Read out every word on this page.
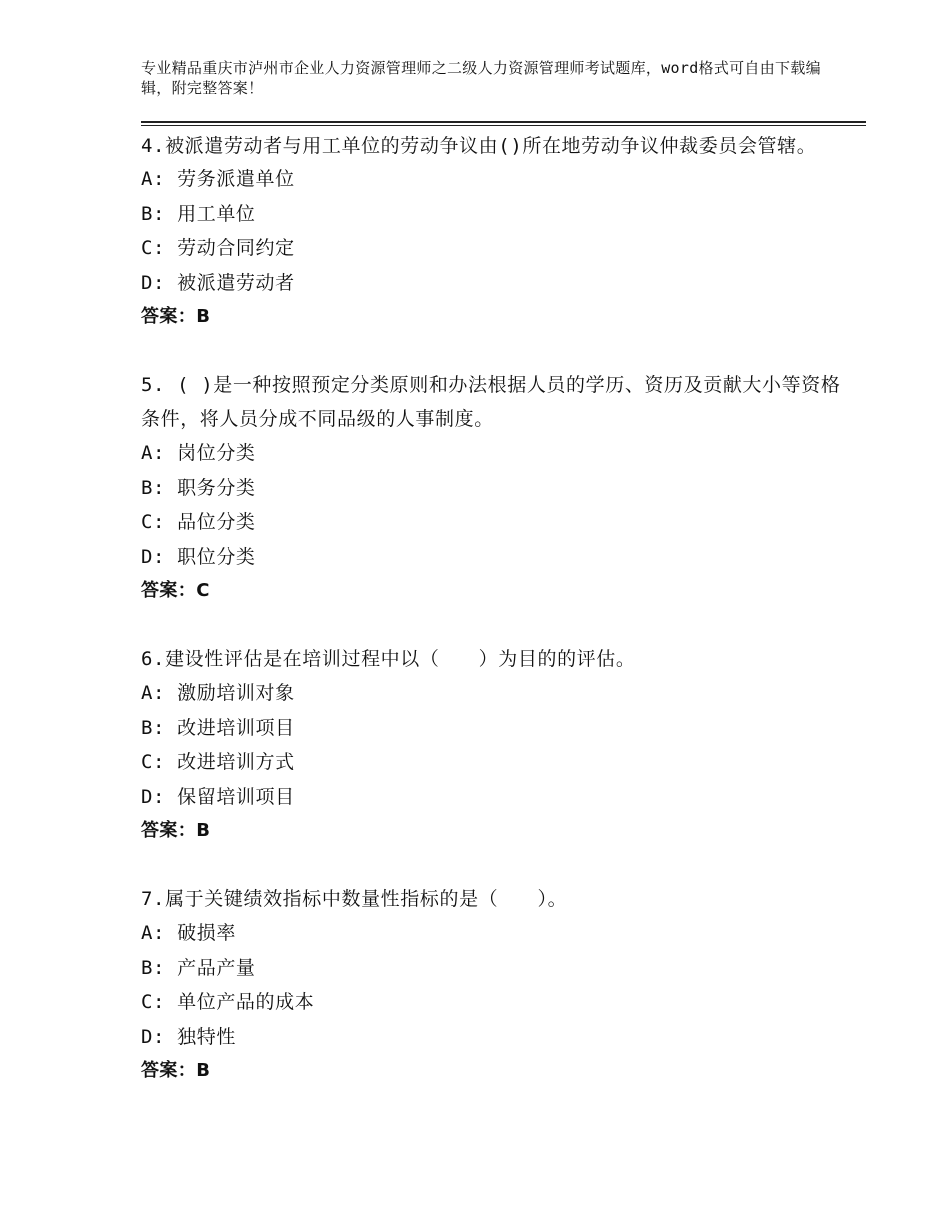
专业精品重庆市泸州市企业人力资源管理师之二级人力资源管理师考试题库，word格式可自由下载编辑，附完整答案！
4.被派遣劳动者与用工单位的劳动争议由()所在地劳动争议仲裁委员会管辖。
A: 劳务派遣单位
B: 用工单位
C: 劳动合同约定
D: 被派遣劳动者
答案：B
5. ( )是一种按照预定分类原则和办法根据人员的学历、资历及贡献大小等资格条件，将人员分成不同品级的人事制度。
A: 岗位分类
B: 职务分类
C: 品位分类
D: 职位分类
答案：C
6.建设性评估是在培训过程中以（　　）为目的的评估。
A: 激励培训对象
B: 改进培训项目
C: 改进培训方式
D: 保留培训项目
答案：B
7.属于关键绩效指标中数量性指标的是（　　）。
A: 破损率
B: 产品产量
C: 单位产品的成本
D: 独特性
答案：B
